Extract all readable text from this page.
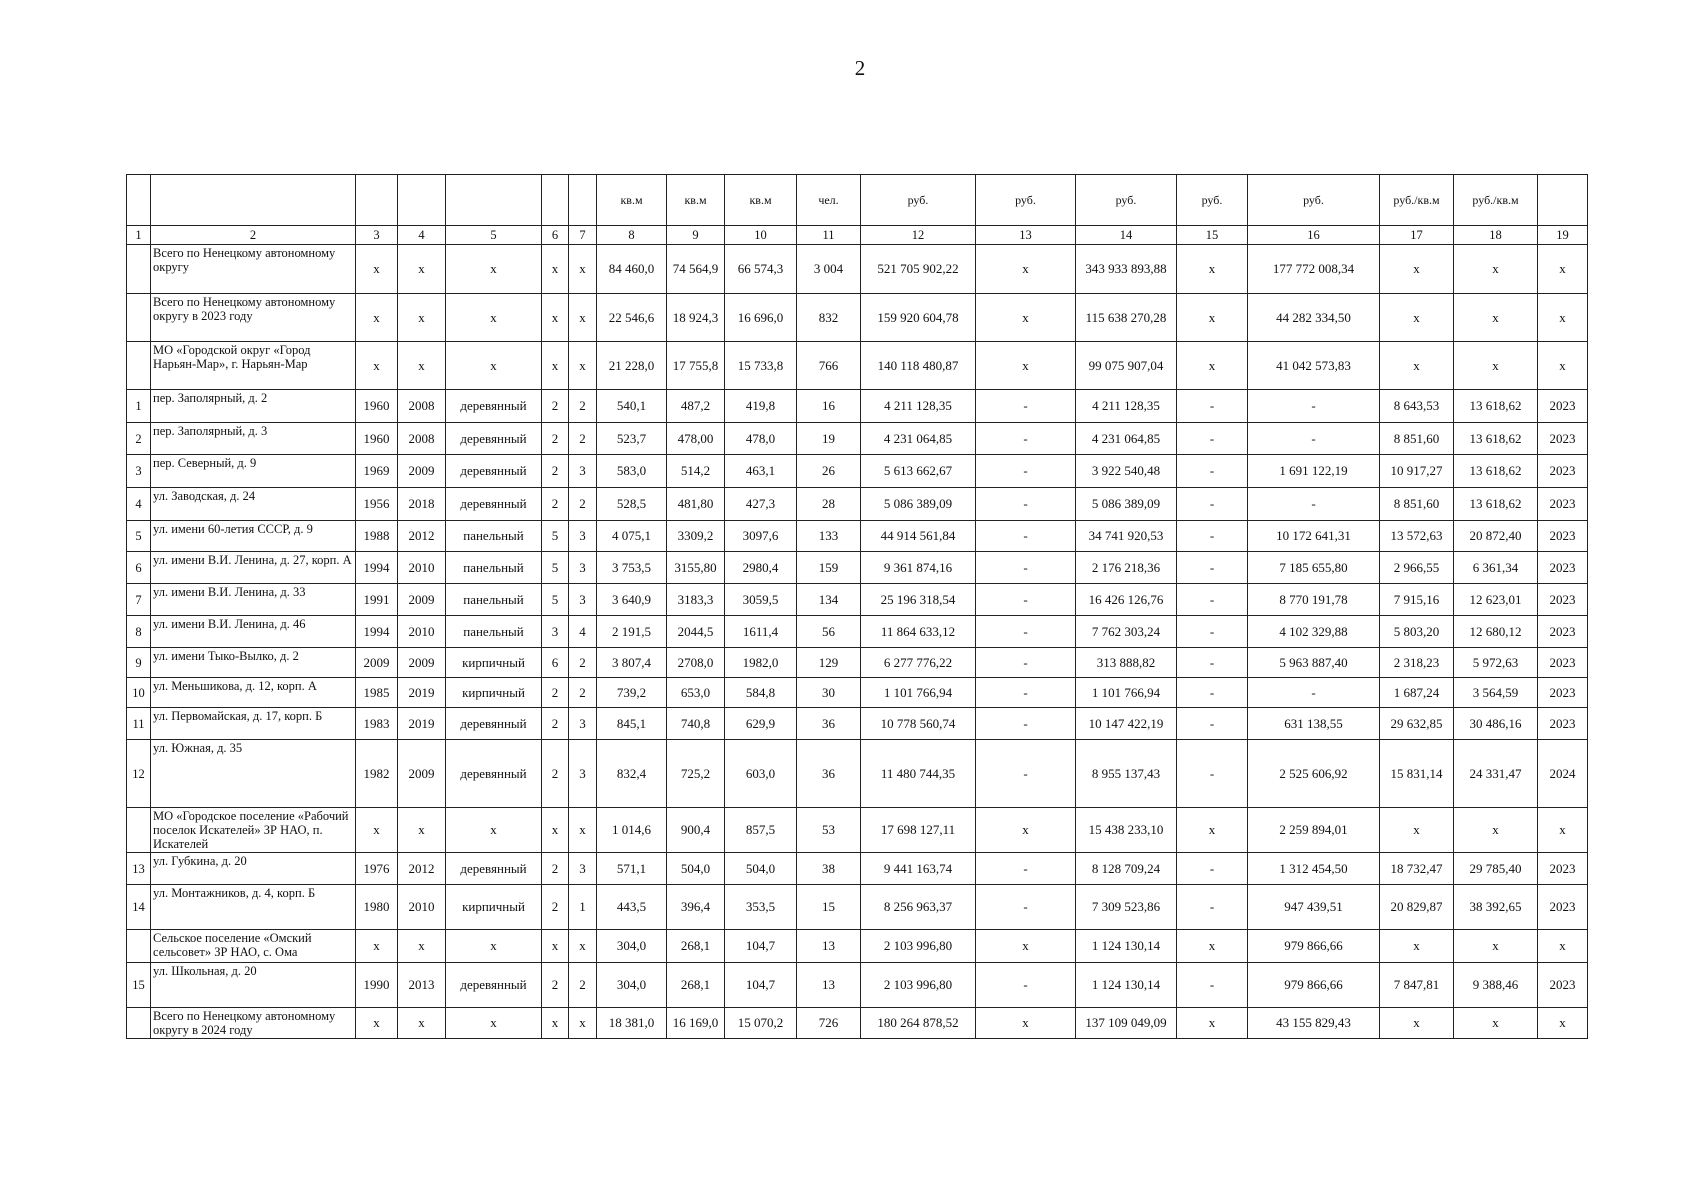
2
							кв.м	кв.м	кв.м	чел.	руб.	руб.	руб.	руб.	руб.	руб./кв.м	руб./кв.м	
1	2	3	4	5	6	7	8	9	10	11	12	13	14	15	16	17	18	19
	Всего по Ненецкому автономному округу	x	x	x	x	x	84 460,0	74 564,9	66 574,3	3 004	521 705 902,22	x	343 933 893,88	x	177 772 008,34	x	x	x
	Всего по Ненецкому автономному округу в 2023 году	x	x	x	x	x	22 546,6	18 924,3	16 696,0	832	159 920 604,78	x	115 638 270,28	x	44 282 334,50	x	x	x
	МО «Городской округ «Город Нарьян-Мар», г. Нарьян-Мар	x	x	x	x	x	21 228,0	17 755,8	15 733,8	766	140 118 480,87	x	99 075 907,04	x	41 042 573,83	x	x	x
1	пер. Заполярный, д. 2	1960	2008	деревянный	2	2	540,1	487,2	419,8	16	4 211 128,35	-	4 211 128,35	-	-	8 643,53	13 618,62	2023
2	пер. Заполярный, д. 3	1960	2008	деревянный	2	2	523,7	478,00	478,0	19	4 231 064,85	-	4 231 064,85	-	-	8 851,60	13 618,62	2023
3	пер. Северный, д. 9	1969	2009	деревянный	2	3	583,0	514,2	463,1	26	5 613 662,67	-	3 922 540,48	-	1 691 122,19	10 917,27	13 618,62	2023
4	ул. Заводская, д. 24	1956	2018	деревянный	2	2	528,5	481,80	427,3	28	5 086 389,09	-	5 086 389,09	-	-	8 851,60	13 618,62	2023
5	ул. имени 60-летия СССР, д. 9	1988	2012	панельный	5	3	4 075,1	3309,2	3097,6	133	44 914 561,84	-	34 741 920,53	-	10 172 641,31	13 572,63	20 872,40	2023
6	ул. имени В.И. Ленина, д. 27, корп. А	1994	2010	панельный	5	3	3 753,5	3155,80	2980,4	159	9 361 874,16	-	2 176 218,36	-	7 185 655,80	2 966,55	6 361,34	2023
7	ул. имени В.И. Ленина, д. 33	1991	2009	панельный	5	3	3 640,9	3183,3	3059,5	134	25 196 318,54	-	16 426 126,76	-	8 770 191,78	7 915,16	12 623,01	2023
8	ул. имени В.И. Ленина, д. 46	1994	2010	панельный	3	4	2 191,5	2044,5	1611,4	56	11 864 633,12	-	7 762 303,24	-	4 102 329,88	5 803,20	12 680,12	2023
9	ул. имени Тыко-Вылко, д. 2	2009	2009	кирпичный	6	2	3 807,4	2708,0	1982,0	129	6 277 776,22	-	313 888,82	-	5 963 887,40	2 318,23	5 972,63	2023
10	ул. Меньшикова, д. 12, корп. А	1985	2019	кирпичный	2	2	739,2	653,0	584,8	30	1 101 766,94	-	1 101 766,94	-	-	1 687,24	3 564,59	2023
11	ул. Первомайская, д. 17, корп. Б	1983	2019	деревянный	2	3	845,1	740,8	629,9	36	10 778 560,74	-	10 147 422,19	-	631 138,55	29 632,85	30 486,16	2023
12	ул. Южная, д. 35	1982	2009	деревянный	2	3	832,4	725,2	603,0	36	11 480 744,35	-	8 955 137,43	-	2 525 606,92	15 831,14	24 331,47	2024
	МО «Городское поселение «Рабочий поселок Искателей» ЗР НАО, п. Искателей	x	x	x	x	x	1 014,6	900,4	857,5	53	17 698 127,11	x	15 438 233,10	x	2 259 894,01	x	x	x
13	ул. Губкина, д. 20	1976	2012	деревянный	2	3	571,1	504,0	504,0	38	9 441 163,74	-	8 128 709,24	-	1 312 454,50	18 732,47	29 785,40	2023
14	ул. Монтажников, д. 4, корп. Б	1980	2010	кирпичный	2	1	443,5	396,4	353,5	15	8 256 963,37	-	7 309 523,86	-	947 439,51	20 829,87	38 392,65	2023
	Сельское поселение «Омский сельсовет» ЗР НАО, с. Ома	x	x	x	x	x	304,0	268,1	104,7	13	2 103 996,80	x	1 124 130,14	x	979 866,66	x	x	x
15	ул. Школьная, д. 20	1990	2013	деревянный	2	2	304,0	268,1	104,7	13	2 103 996,80	-	1 124 130,14	-	979 866,66	7 847,81	9 388,46	2023
	Всего по Ненецкому автономному округу в 2024 году	x	x	x	x	x	18 381,0	16 169,0	15 070,2	726	180 264 878,52	x	137 109 049,09	x	43 155 829,43	x	x	x
